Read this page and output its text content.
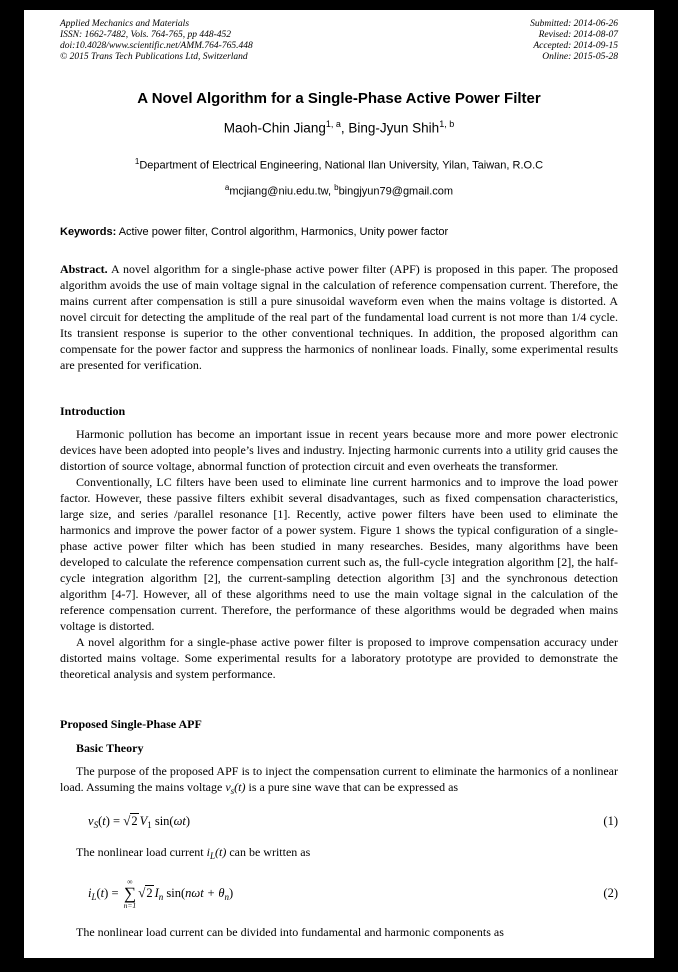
Applied Mechanics and Materials
ISSN: 1662-7482, Vols. 764-765, pp 448-452
doi:10.4028/www.scientific.net/AMM.764-765.448
© 2015 Trans Tech Publications Ltd, Switzerland
Submitted: 2014-06-26
Revised: 2014-08-07
Accepted: 2014-09-15
Online: 2015-05-28
A Novel Algorithm for a Single-Phase Active Power Filter
Maoh-Chin Jiang$^{1, a}$, Bing-Jyun Shih$^{1, b}$
$^1$Department of Electrical Engineering, National Ilan University, Yilan, Taiwan, R.O.C
$^a$mcjiang@niu.edu.tw, $^b$bingjyun79@gmail.com
Keywords: Active power filter, Control algorithm, Harmonics, Unity power factor

Abstract. A novel algorithm for a single-phase active power filter (APF) is proposed in this paper. The proposed algorithm avoids the use of main voltage signal in the calculation of reference compensation current. Therefore, the mains current after compensation is still a pure sinusoidal waveform even when the mains voltage is distorted. A novel circuit for detecting the amplitude of the real part of the fundamental load current is not more than 1/4 cycle. Its transient response is superior to the other conventional techniques. In addition, the proposed algorithm can compensate for the power factor and suppress the harmonics of nonlinear loads. Finally, some experimental results are presented for verification.

Introduction

Harmonic pollution has become an important issue in recent years because more and more power electronic devices have been adopted into people’s lives and industry. Injecting harmonic currents into a utility grid causes the distortion of source voltage, abnormal function of protection circuit and even overheats the transformer.

Conventionally, LC filters have been used to eliminate line current harmonics and to improve the load power factor. However, these passive filters exhibit several disadvantages, such as fixed compensation characteristics, large size, and series /parallel resonance [1]. Recently, active power filters have been used to eliminate the harmonics and improve the power factor of a power system. Figure 1 shows the typical configuration of a single-phase active power filter which has been studied in many researches. Besides, many algorithms have been developed to calculate the reference compensation current such as, the full-cycle integration algorithm [2], the half-cycle integration algorithm [2], the current-sampling detection algorithm [3] and the synchronous detection algorithm [4-7]. However, all of these algorithms need to use the main voltage signal in the calculation of the reference compensation current. Therefore, the performance of these algorithms would be degraded when mains voltage is distorted.

A novel algorithm for a single-phase active power filter is proposed to improve compensation accuracy under distorted mains voltage. Some experimental results for a laboratory prototype are provided to demonstrate the theoretical analysis and system performance.

Proposed Single-Phase APF

Basic Theory

The purpose of the proposed APF is to inject the compensation current to eliminate the harmonics of a nonlinear load. Assuming the mains voltage $v_s(t)$ is a pure sine wave that can be expressed as

$v_S(t) = √2$ $V_1$ sin(ωt)	(1)

The nonlinear load current $i_L(t)$ can be written as

$i_L(t)$ =
∞
∑
n=1
√2 $I_n$ $\sin(n\omega t + \theta_n)$	(2)

The nonlinear load current can be divided into fundamental and harmonic components as
